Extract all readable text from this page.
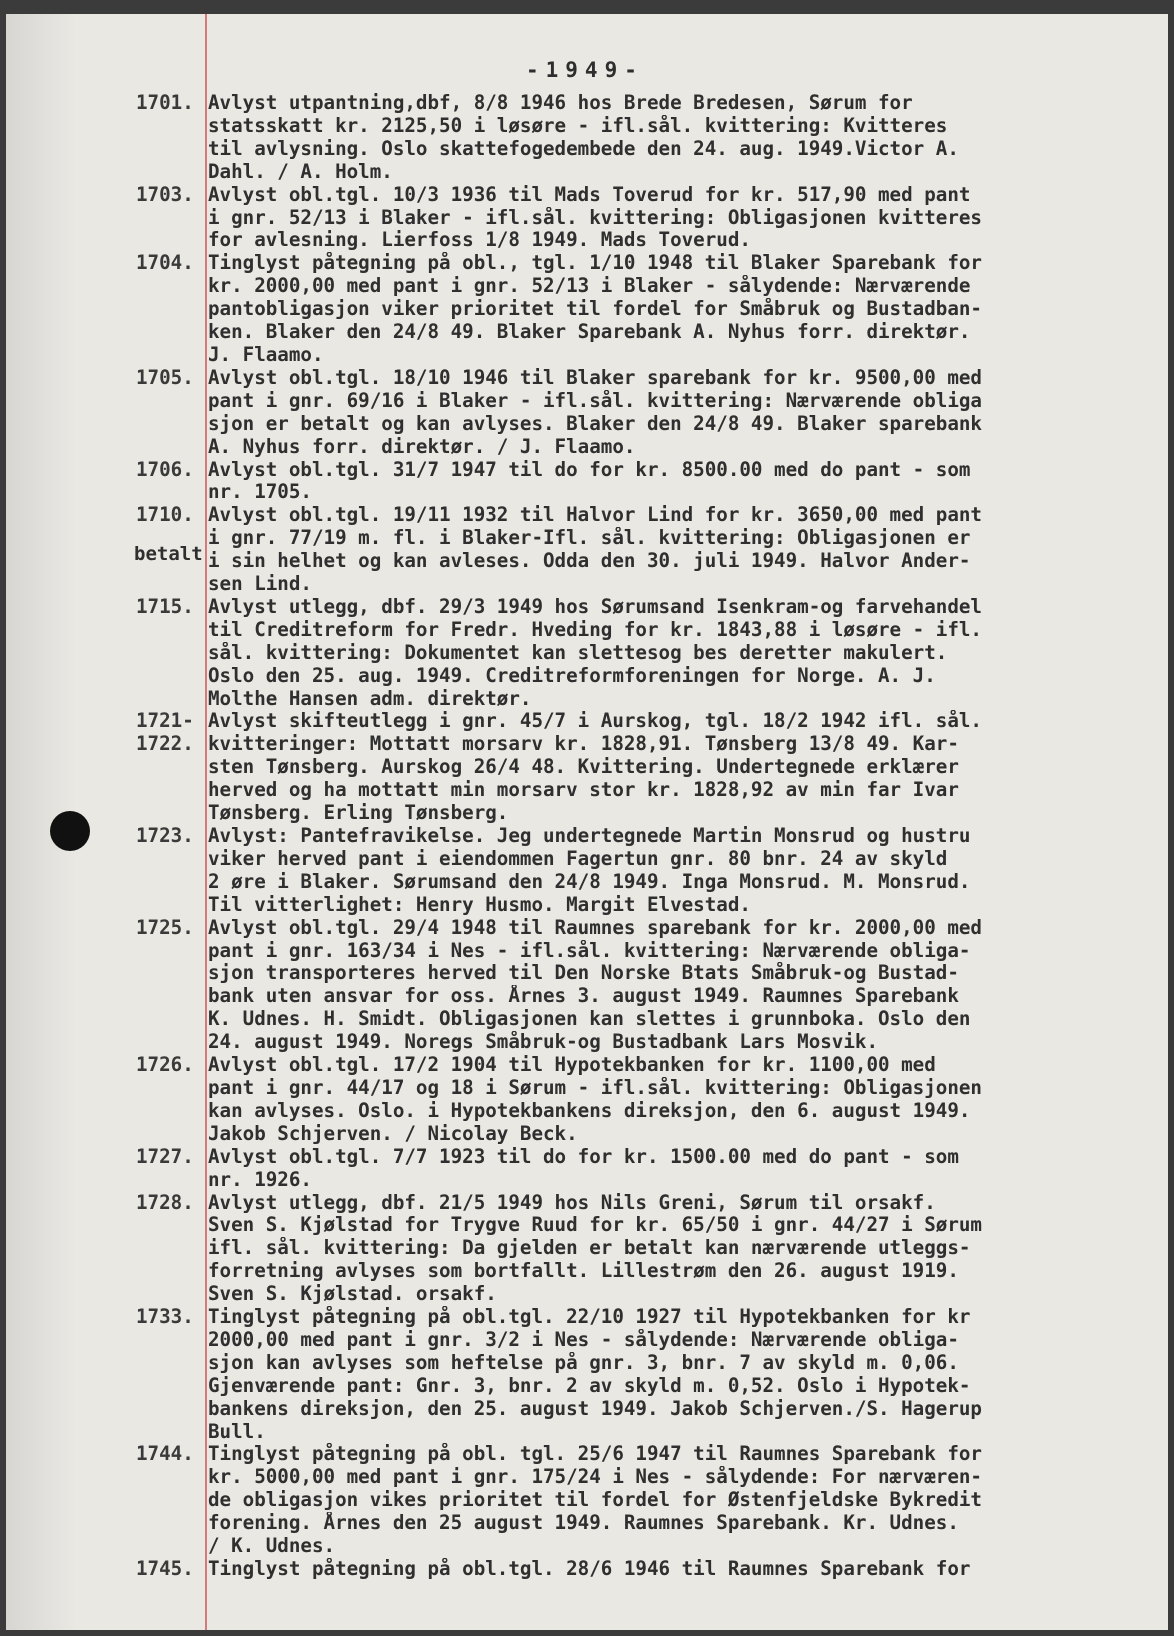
-1949-
betalt
1701. Avlyst utpantning,dbf, 8/8 1946 hos Brede Bredesen, Sørum for
statsskatt kr. 2125,50 i løsøre - ifl.sål. kvittering: Kvitteres
til avlysning. Oslo skattefogedembede den 24. aug. 1949.Victor A.
Dahl. / A. Holm.
1703. Avlyst obl.tgl. 10/3 1936 til Mads Toverud for kr. 517,90 med pant
i gnr. 52/13 i Blaker - ifl.sål. kvittering: Obligasjonen kvitteres
for avlesning. Lierfoss 1/8 1949. Mads Toverud.
1704. Tinglyst påtegning på obl., tgl. 1/10 1948 til Blaker Sparebank for
kr. 2000,00 med pant i gnr. 52/13 i Blaker - sålydende: Nærværende
pantobligasjon viker prioritet til fordel for Småbruk og Bustadban-
ken. Blaker den 24/8 49. Blaker Sparebank A. Nyhus forr. direktør.
J. Flaamo.
1705. Avlyst obl.tgl. 18/10 1946 til Blaker sparebank for kr. 9500,00 med
pant i gnr. 69/16 i Blaker - ifl.sål. kvittering: Nærværende obliga
sjon er betalt og kan avlyses. Blaker den 24/8 49. Blaker sparebank
A. Nyhus forr. direktør. / J. Flaamo.
1706. Avlyst obl.tgl. 31/7 1947 til do for kr. 8500.00 med do pant - som
nr. 1705.
1710. Avlyst obl.tgl. 19/11 1932 til Halvor Lind for kr. 3650,00 med pant
i gnr. 77/19 m. fl. i Blaker-Ifl. sål. kvittering: Obligasjonen er
i sin helhet og kan avleses. Odda den 30. juli 1949. Halvor Ander-
sen Lind.
1715. Avlyst utlegg, dbf. 29/3 1949 hos Sørumsand Isenkram-og farvehandel
til Creditreform for Fredr. Hveding for kr. 1843,88 i løsøre - ifl.
sål. kvittering: Dokumentet kan slettesog bes deretter makulert.
Oslo den 25. aug. 1949. Creditreformforeningen for Norge. A. J.
Molthe Hansen adm. direktør.
1721- Avlyst skifteutlegg i gnr. 45/7 i Aurskog, tgl. 18/2 1942 ifl. sål.
1722. kvitteringer: Mottatt morsarv kr. 1828,91. Tønsberg 13/8 49. Kar-
sten Tønsberg. Aurskog 26/4 48. Kvittering. Undertegnede erklærer
herved og ha mottatt min morsarv stor kr. 1828,92 av min far Ivar
Tønsberg. Erling Tønsberg.
1723. Avlyst: Pantefravikelse. Jeg undertegnede Martin Monsrud og hustru
viker herved pant i eiendommen Fagertun gnr. 80 bnr. 24 av skyld
2 øre i Blaker. Sørumsand den 24/8 1949. Inga Monsrud. M. Monsrud.
Til vitterlighet: Henry Husmo. Margit Elvestad.
1725. Avlyst obl.tgl. 29/4 1948 til Raumnes sparebank for kr. 2000,00 med
pant i gnr. 163/34 i Nes - ifl.sål. kvittering: Nærværende obliga-
sjon transporteres herved til Den Norske Btats Småbruk-og Bustad-
bank uten ansvar for oss. Årnes 3. august 1949. Raumnes Sparebank
K. Udnes. H. Smidt. Obligasjonen kan slettes i grunnboka. Oslo den
24. august 1949. Noregs Småbruk-og Bustadbank Lars Mosvik.
1726. Avlyst obl.tgl. 17/2 1904 til Hypotekbanken for kr. 1100,00 med
pant i gnr. 44/17 og 18 i Sørum - ifl.sål. kvittering: Obligasjonen
kan avlyses. Oslo. i Hypotekbankens direksjon, den 6. august 1949.
Jakob Schjerven. / Nicolay Beck.
1727. Avlyst obl.tgl. 7/7 1923 til do for kr. 1500.00 med do pant - som
nr. 1926.
1728. Avlyst utlegg, dbf. 21/5 1949 hos Nils Greni, Sørum til orsakf.
Sven S. Kjølstad for Trygve Ruud for kr. 65/50 i gnr. 44/27 i Sørum
ifl. sål. kvittering: Da gjelden er betalt kan nærværende utleggs-
forretning avlyses som bortfallt. Lillestrøm den 26. august 1919.
Sven S. Kjølstad. orsakf.
1733. Tinglyst påtegning på obl.tgl. 22/10 1927 til Hypotekbanken for kr
2000,00 med pant i gnr. 3/2 i Nes - sålydende: Nærværende obliga-
sjon kan avlyses som heftelse på gnr. 3, bnr. 7 av skyld m. 0,06.
Gjenværende pant: Gnr. 3, bnr. 2 av skyld m. 0,52. Oslo i Hypotek-
bankens direksjon, den 25. august 1949. Jakob Schjerven./S. Hagerup
Bull.
1744. Tinglyst påtegning på obl. tgl. 25/6 1947 til Raumnes Sparebank for
kr. 5000,00 med pant i gnr. 175/24 i Nes - sålydende: For nærværen-
de obligasjon vikes prioritet til fordel for Østenfjeldske Bykredit
forening. Årnes den 25 august 1949. Raumnes Sparebank. Kr. Udnes.
/ K. Udnes.
1745. Tinglyst påtegning på obl.tgl. 28/6 1946 til Raumnes Sparebank for
